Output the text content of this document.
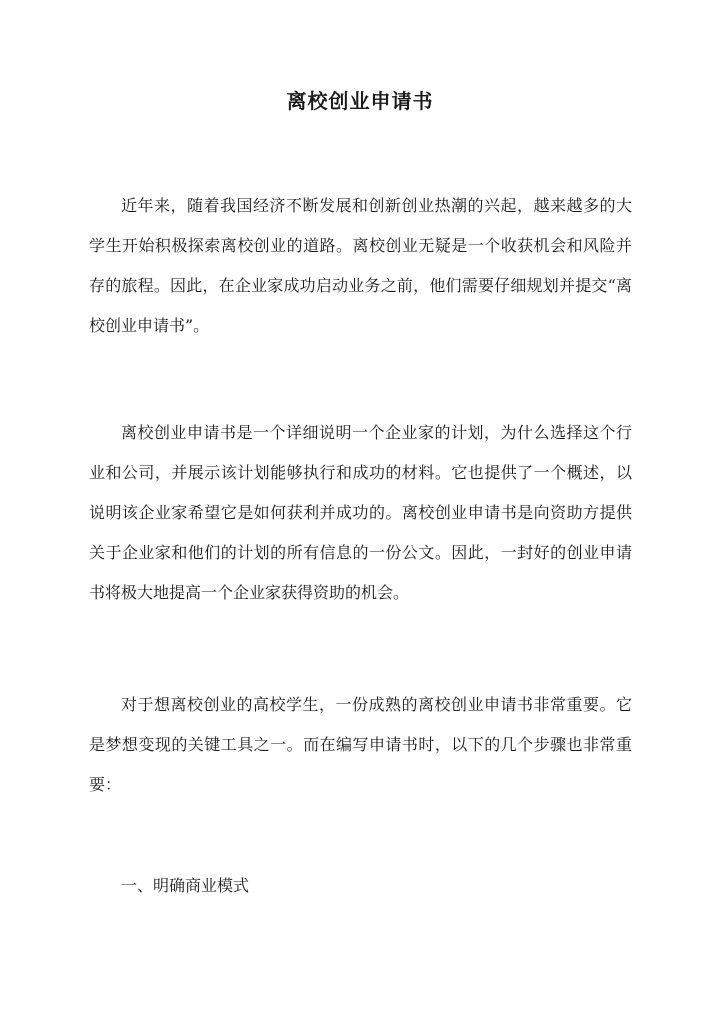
离校创业申请书

近年来，随着我国经济不断发展和创新创业热潮的兴起，越来越多的大学生开始积极探索离校创业的道路。离校创业无疑是一个收获机会和风险并存的旅程。因此，在企业家成功启动业务之前，他们需要仔细规划并提交“离校创业申请书”。

离校创业申请书是一个详细说明一个企业家的计划，为什么选择这个行业和公司，并展示该计划能够执行和成功的材料。它也提供了一个概述，以说明该企业家希望它是如何获利并成功的。离校创业申请书是向资助方提供关于企业家和他们的计划的所有信息的一份公文。因此，一封好的创业申请书将极大地提高一个企业家获得资助的机会。

对于想离校创业的高校学生，一份成熟的离校创业申请书非常重要。它是梦想变现的关键工具之一。而在编写申请书时，以下的几个步骤也非常重要：

一、明确商业模式
